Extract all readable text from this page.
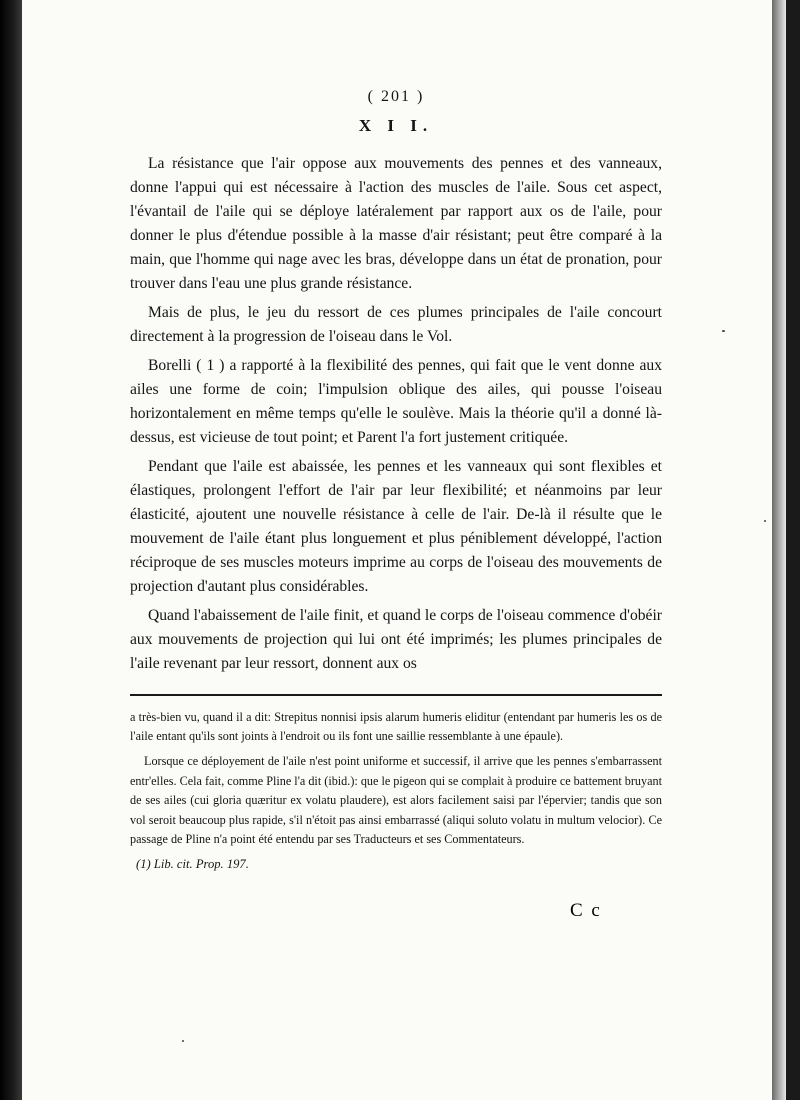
( 201 )
X I I.

La résistance que l'air oppose aux mouvements des pennes et des vanneaux, donne l'appui qui est nécessaire à l'action des muscles de l'aile. Sous cet aspect, l'évantail de l'aile qui se déploye latéralement par rapport aux os de l'aile, pour donner le plus d'étendue possible à la masse d'air résistant; peut être comparé à la main, que l'homme qui nage avec les bras, développe dans un état de pronation, pour trouver dans l'eau une plus grande résistance.

Mais de plus, le jeu du ressort de ces plumes principales de l'aile concourt directement à la progression de l'oiseau dans le Vol.

Borelli ( 1 ) a rapporté à la flexibilité des pennes, qui fait que le vent donne aux ailes une forme de coin; l'impulsion oblique des ailes, qui pousse l'oiseau horizontalement en même temps qu'elle le soulève. Mais la théorie qu'il a donné là-dessus, est vicieuse de tout point; et Parent l'a fort justement critiquée.

Pendant que l'aile est abaissée, les pennes et les vanneaux qui sont flexibles et élastiques, prolongent l'effort de l'air par leur flexibilité; et néanmoins par leur élasticité, ajoutent une nouvelle résistance à celle de l'air. De-là il résulte que le mouvement de l'aile étant plus longuement et plus péniblement développé, l'action réciproque de ses muscles moteurs imprime au corps de l'oiseau des mouvements de projection d'autant plus considérables.

Quand l'abaissement de l'aile finit, et quand le corps de l'oiseau commence d'obéir aux mouvements de projection qui lui ont été imprimés; les plumes principales de l'aile revenant par leur ressort, donnent aux os

a très-bien vu, quand il a dit: Strepitus nonnisi ipsis alarum humeris eliditur (entendant par humeris les os de l'aile entant qu'ils sont joints à l'endroit ou ils font une saillie ressemblante à une épaule).

Lorsque ce déployement de l'aile n'est point uniforme et successif, il arrive que les pennes s'embarrassent entr'elles. Cela fait, comme Pline l'a dit (ibid.): que le pigeon qui se complait à produire ce battement bruyant de ses ailes (cui gloria quæritur ex volatu plaudere), est alors facilement saisi par l'épervier; tandis que son vol seroit beaucoup plus rapide, s'il n'étoit pas ainsi embarrassé (aliqui soluto volatu in multum velocior). Ce passage de Pline n'a point été entendu par ses Traducteurs et ses Commentateurs.

(1) Lib. cit. Prop. 197.

C c
